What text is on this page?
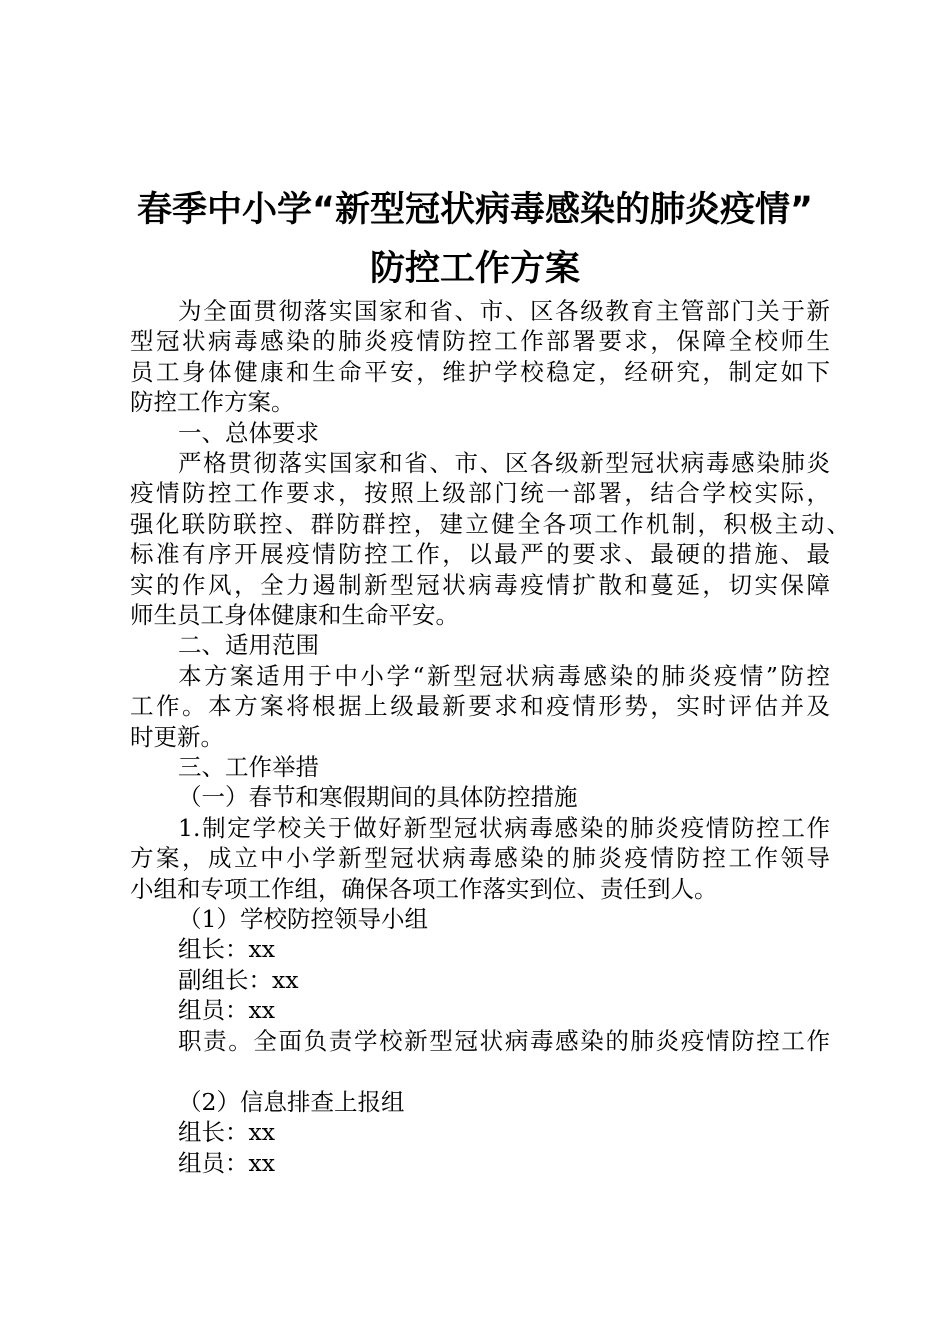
春季中小学“新型冠状病毒感染的肺炎疫情”
防控工作方案
为全面贯彻落实国家和省、市、区各级教育主管部门关于新
型冠状病毒感染的肺炎疫情防控工作部署要求，保障全校师生
员工身体健康和生命平安，维护学校稳定，经研究，制定如下
防控工作方案。
一、总体要求
严格贯彻落实国家和省、市、区各级新型冠状病毒感染肺炎
疫情防控工作要求，按照上级部门统一部署，结合学校实际，
强化联防联控、群防群控，建立健全各项工作机制，积极主动、
标准有序开展疫情防控工作，以最严的要求、最硬的措施、最
实的作风，全力遏制新型冠状病毒疫情扩散和蔓延，切实保障
师生员工身体健康和生命平安。
二、适用范围
本方案适用于中小学“新型冠状病毒感染的肺炎疫情”防控
工作。本方案将根据上级最新要求和疫情形势，实时评估并及
时更新。
三、工作举措
（一）春节和寒假期间的具体防控措施
1.制定学校关于做好新型冠状病毒感染的肺炎疫情防控工作
方案，成立中小学新型冠状病毒感染的肺炎疫情防控工作领导
小组和专项工作组，确保各项工作落实到位、责任到人。
（1）学校防控领导小组
组长：xx
副组长：xx
组员：xx
职责。全面负责学校新型冠状病毒感染的肺炎疫情防控工作
（2）信息排查上报组
组长：xx
组员：xx
